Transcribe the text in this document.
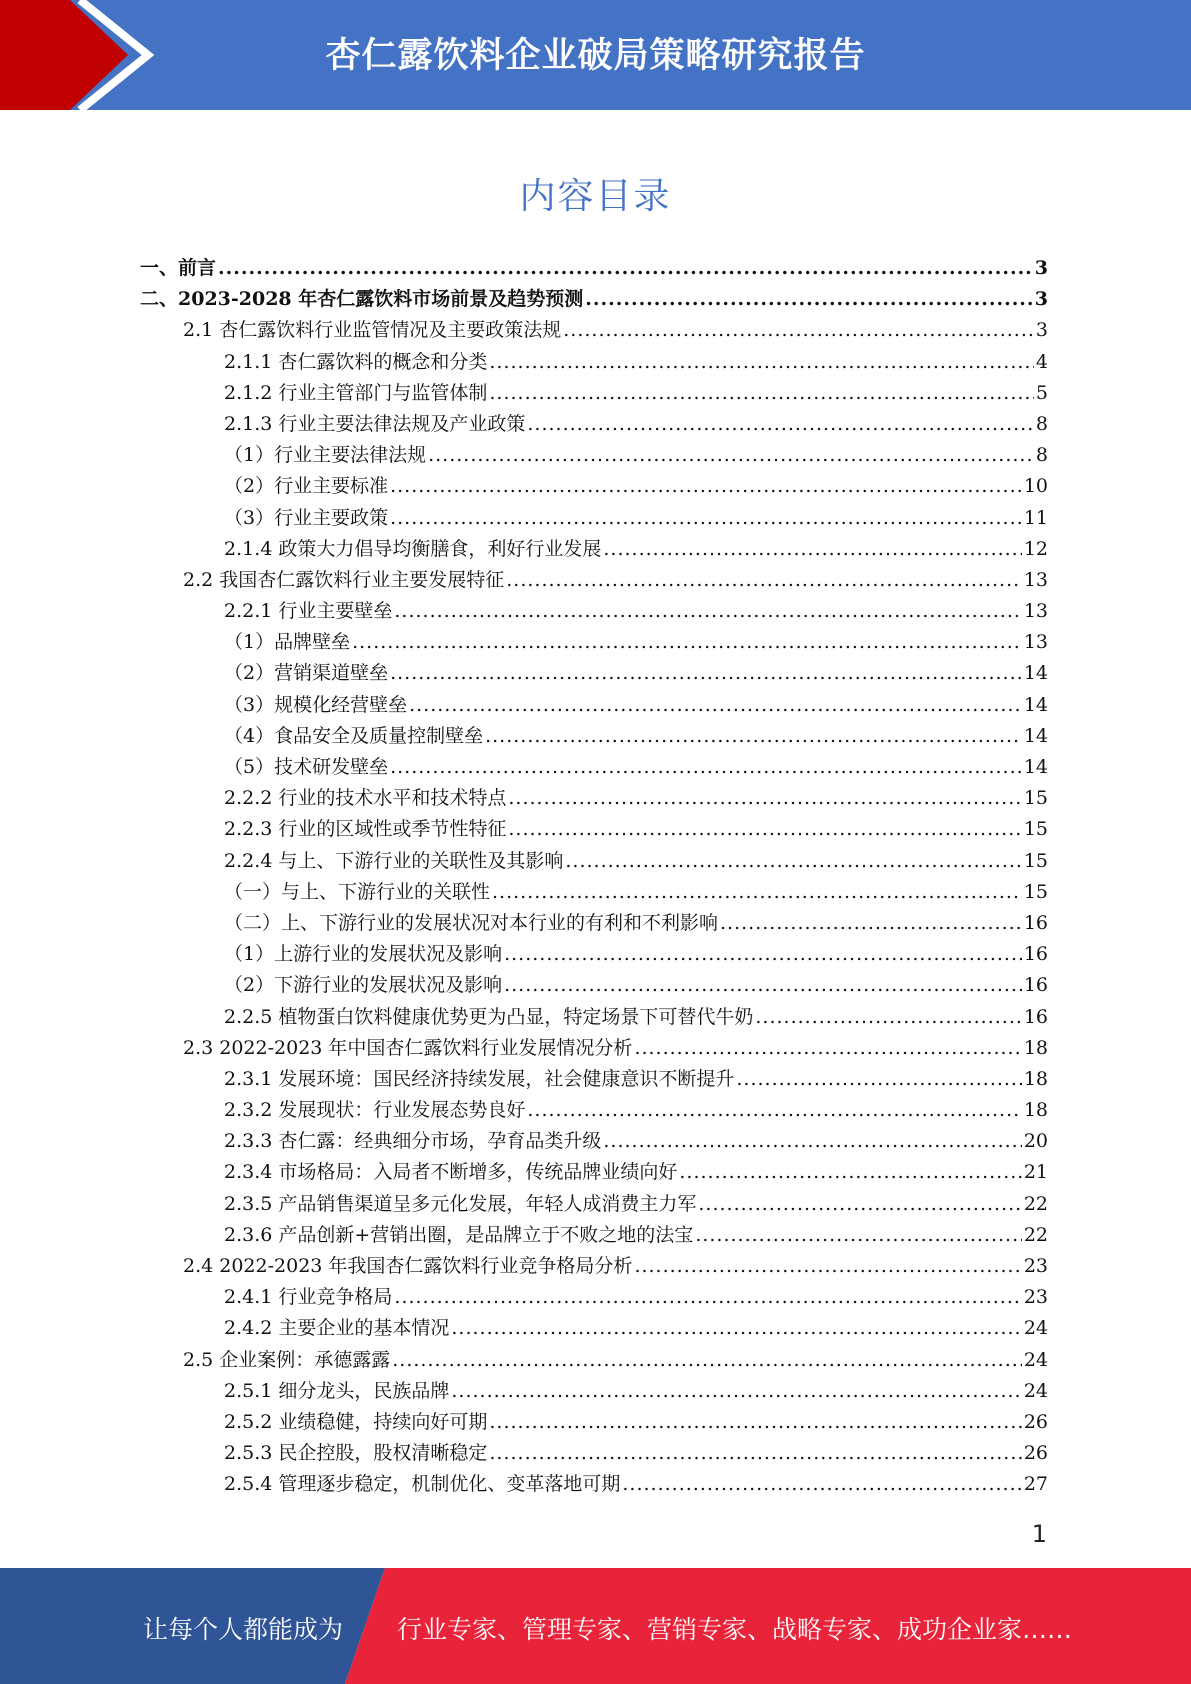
杏仁露饮料企业破局策略研究报告
内容目录
一、前言 .....	3
二、2023-2028 年杏仁露饮料市场前景及趋势预测 .....	3
2.1 杏仁露饮料行业监管情况及主要政策法规 .....	3
2.1.1 杏仁露饮料的概念和分类 .....	4
2.1.2 行业主管部门与监管体制 .....	5
2.1.3 行业主要法律法规及产业政策 .....	8
（1）行业主要法律法规 .....	8
（2）行业主要标准 .....	10
（3）行业主要政策 .....	11
2.1.4 政策大力倡导均衡膳食，利好行业发展 .....	12
2.2 我国杏仁露饮料行业主要发展特征 .....	13
2.2.1 行业主要壁垒 .....	13
（1）品牌壁垒 .....	13
（2）营销渠道壁垒 .....	14
（3）规模化经营壁垒 .....	14
（4）食品安全及质量控制壁垒 .....	14
（5）技术研发壁垒 .....	14
2.2.2 行业的技术水平和技术特点 .....	15
2.2.3 行业的区域性或季节性特征 .....	15
2.2.4 与上、下游行业的关联性及其影响 .....	15
（一）与上、下游行业的关联性 .....	15
（二）上、下游行业的发展状况对本行业的有利和不利影响 .....	16
（1）上游行业的发展状况及影响 .....	16
（2）下游行业的发展状况及影响 .....	16
2.2.5 植物蛋白饮料健康优势更为凸显，特定场景下可替代牛奶 .....	16
2.3 2022-2023 年中国杏仁露饮料行业发展情况分析 .....	18
2.3.1 发展环境：国民经济持续发展，社会健康意识不断提升 .....	18
2.3.2 发展现状：行业发展态势良好 .....	18
2.3.3 杏仁露：经典细分市场，孕育品类升级 .....	20
2.3.4 市场格局：入局者不断增多，传统品牌业绩向好 .....	21
2.3.5 产品销售渠道呈多元化发展，年轻人成消费主力军 .....	22
2.3.6 产品创新+营销出圈，是品牌立于不败之地的法宝 .....	22
2.4 2022-2023 年我国杏仁露饮料行业竞争格局分析 .....	23
2.4.1 行业竞争格局 .....	23
2.4.2 主要企业的基本情况 .....	24
2.5 企业案例：承德露露 .....	24
2.5.1 细分龙头，民族品牌 .....	24
2.5.2 业绩稳健，持续向好可期 .....	26
2.5.3 民企控股，股权清晰稳定 .....	26
2.5.4 管理逐步稳定，机制优化、变革落地可期 .....	27
1
让每个人都能成为 行业专家、管理专家、营销专家、战略专家、成功企业家……
